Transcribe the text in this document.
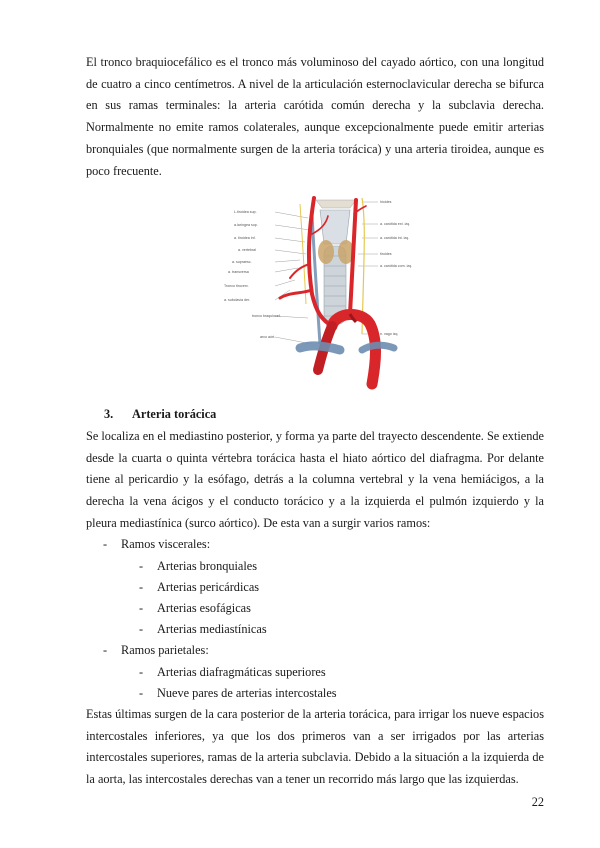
El tronco braquiocefálico es el tronco más voluminoso del cayado aórtico, con una longitud de cuatro a cinco centímetros. A nivel de la articulación esternoclavicular derecha se bifurca en sus ramas terminales: la arteria carótida común derecha y la subclavia derecha. Normalmente no emite ramos colaterales, aunque excepcionalmente puede emitir arterias bronquiales (que normalmente surgen de la arteria torácica) y una arteria tiroidea, aunque es poco frecuente.

L.tiroidea sup.
a.laríngea sup.
a. tiroidea inf.
a. vertebral
a. supraesc.
a. transversa
Tronco tirocerv.
a. subclavia der.
tronco braquiocef.
arco aórt.
hioides
a. carótida ext. izq.
a. carótida int. izq.
tiroides
a. carótida com. izq.
n. vago izq.
3. Arteria torácica

Se localiza en el mediastino posterior, y forma ya parte del trayecto descendente. Se extiende desde la cuarta o quinta vértebra torácica hasta el hiato aórtico del diafragma. Por delante tiene al pericardio y la esófago, detrás a la columna vertebral y la vena hemiácigos, a la derecha la vena ácigos y el conducto torácico y a la izquierda el pulmón izquierdo y la pleura mediastínica (surco aórtico). De esta van a surgir varios ramos:

-	Ramos viscerales:
-	Arterias bronquiales
-	Arterias pericárdicas
-	Arterias esofágicas
-	Arterias mediastínicas
-	Ramos parietales:
-	Arterias diafragmáticas superiores
-	Nueve pares de arterias intercostales

Estas últimas surgen de la cara posterior de la arteria torácica, para irrigar los nueve espacios intercostales inferiores, ya que los dos primeros van a ser irrigados por las arterias intercostales superiores, ramas de la arteria subclavia. Debido a la situación a la izquierda de la aorta, las intercostales derechas van a tener un recorrido más largo que las izquierdas.

22
